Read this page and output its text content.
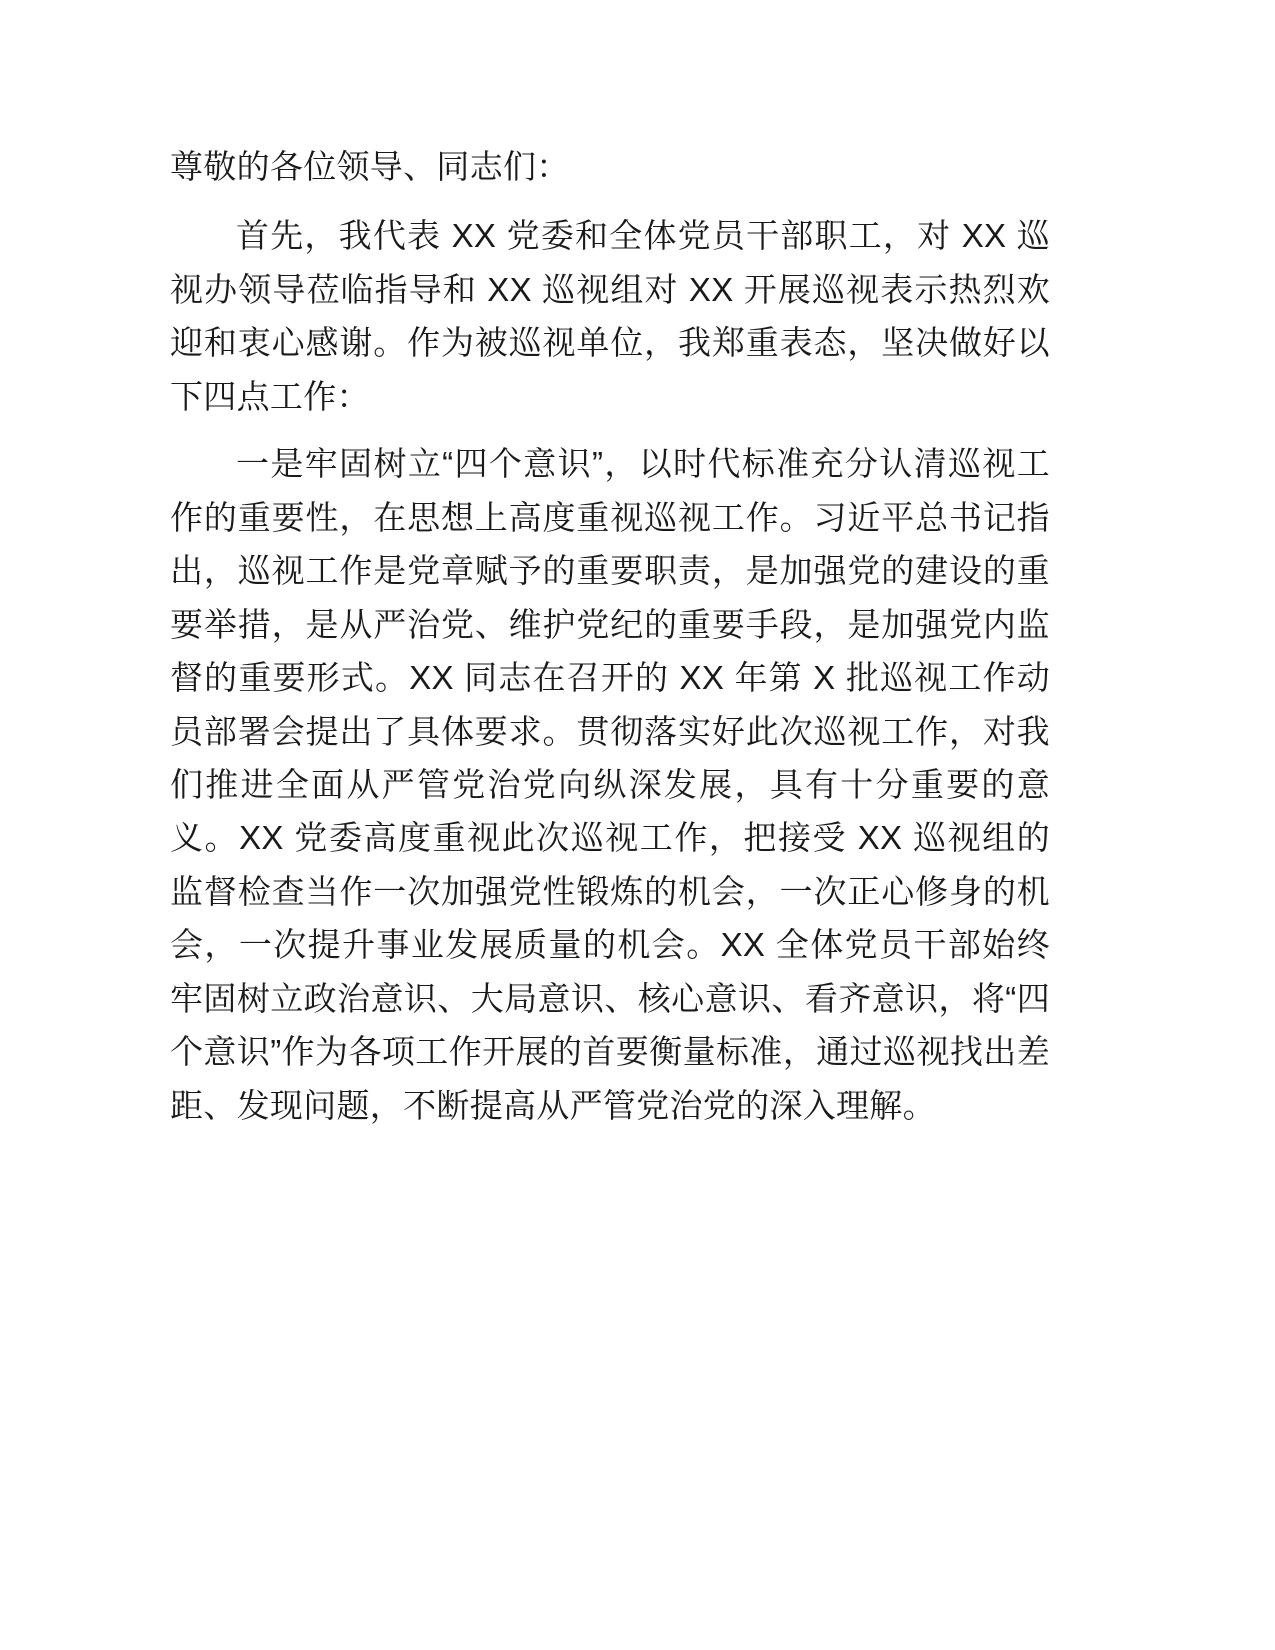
尊敬的各位领导、同志们：

首先，我代表 XX 党委和全体党员干部职工，对 XX 巡视办领导莅临指导和 XX 巡视组对 XX 开展巡视表示热烈欢迎和衷心感谢。作为被巡视单位，我郑重表态，坚决做好以下四点工作：

一是牢固树立“四个意识”，以时代标准充分认清巡视工作的重要性，在思想上高度重视巡视工作。习近平总书记指出，巡视工作是党章赋予的重要职责，是加强党的建设的重要举措，是从严治党、维护党纪的重要手段，是加强党内监督的重要形式。XX 同志在召开的 XX 年第 X 批巡视工作动员部署会提出了具体要求。贯彻落实好此次巡视工作，对我们推进全面从严管党治党向纵深发展，具有十分重要的意义。XX 党委高度重视此次巡视工作，把接受 XX 巡视组的监督检查当作一次加强党性锻炼的机会，一次正心修身的机会，一次提升事业发展质量的机会。XX 全体党员干部始终牢固树立政治意识、大局意识、核心意识、看齐意识，将“四个意识”作为各项工作开展的首要衡量标准，通过巡视找出差距、发现问题，不断提高从严管党治党的深入理解。
